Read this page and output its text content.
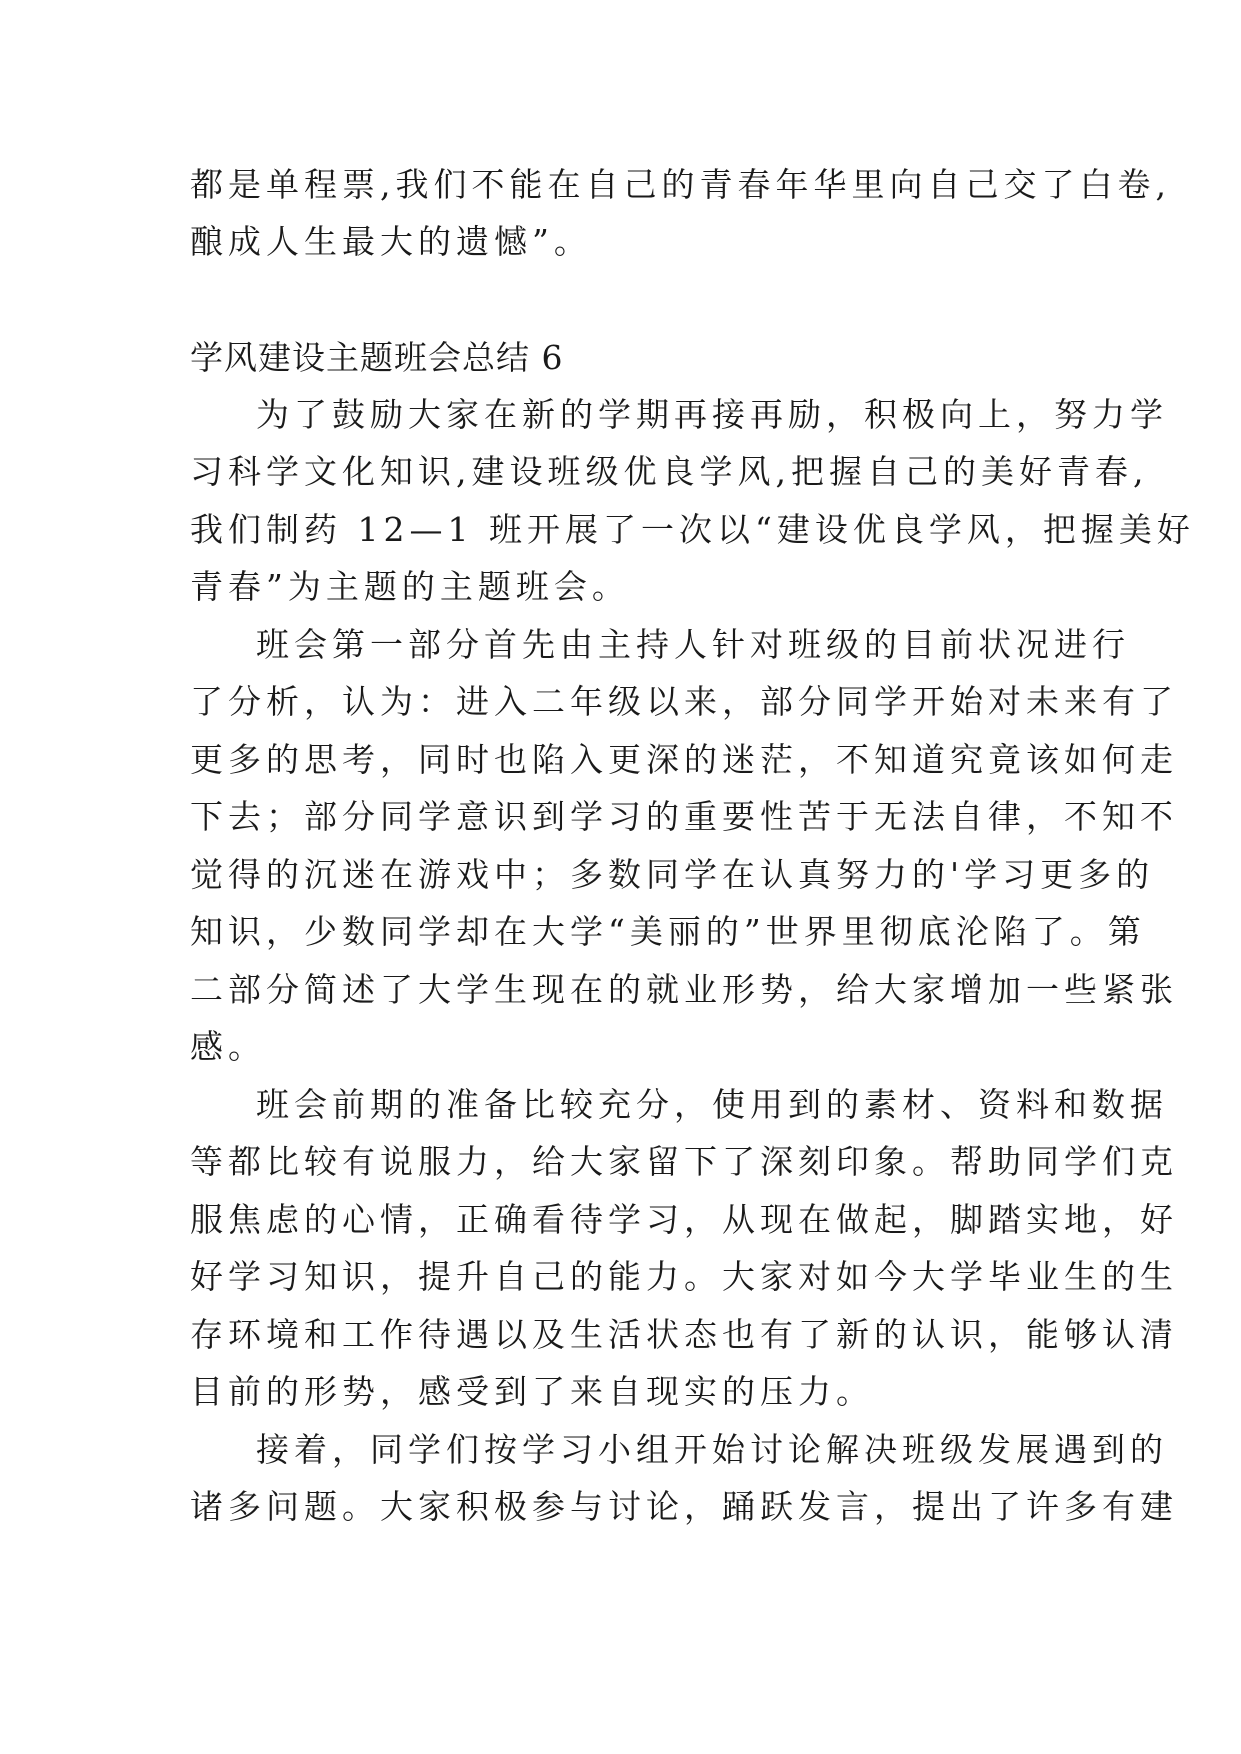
都是单程票,我们不能在自己的青春年华里向自己交了白卷,
酿成人生最大的遗憾”。
学风建设主题班会总结 6
为了鼓励大家在新的学期再接再励，积极向上，努力学
习科学文化知识,建设班级优良学风,把握自己的美好青春,
我们制药 12—1 班开展了一次以“建设优良学风，把握美好
青春”为主题的主题班会。
班会第一部分首先由主持人针对班级的目前状况进行
了分析，认为：进入二年级以来，部分同学开始对未来有了
更多的思考，同时也陷入更深的迷茫，不知道究竟该如何走
下去；部分同学意识到学习的重要性苦于无法自律，不知不
觉得的沉迷在游戏中；多数同学在认真努力的'学习更多的
知识，少数同学却在大学“美丽的”世界里彻底沦陷了。第
二部分简述了大学生现在的就业形势，给大家增加一些紧张
感。
班会前期的准备比较充分，使用到的素材、资料和数据
等都比较有说服力，给大家留下了深刻印象。帮助同学们克
服焦虑的心情，正确看待学习，从现在做起，脚踏实地，好
好学习知识，提升自己的能力。大家对如今大学毕业生的生
存环境和工作待遇以及生活状态也有了新的认识，能够认清
目前的形势，感受到了来自现实的压力。
接着，同学们按学习小组开始讨论解决班级发展遇到的
诸多问题。大家积极参与讨论，踊跃发言，提出了许多有建
